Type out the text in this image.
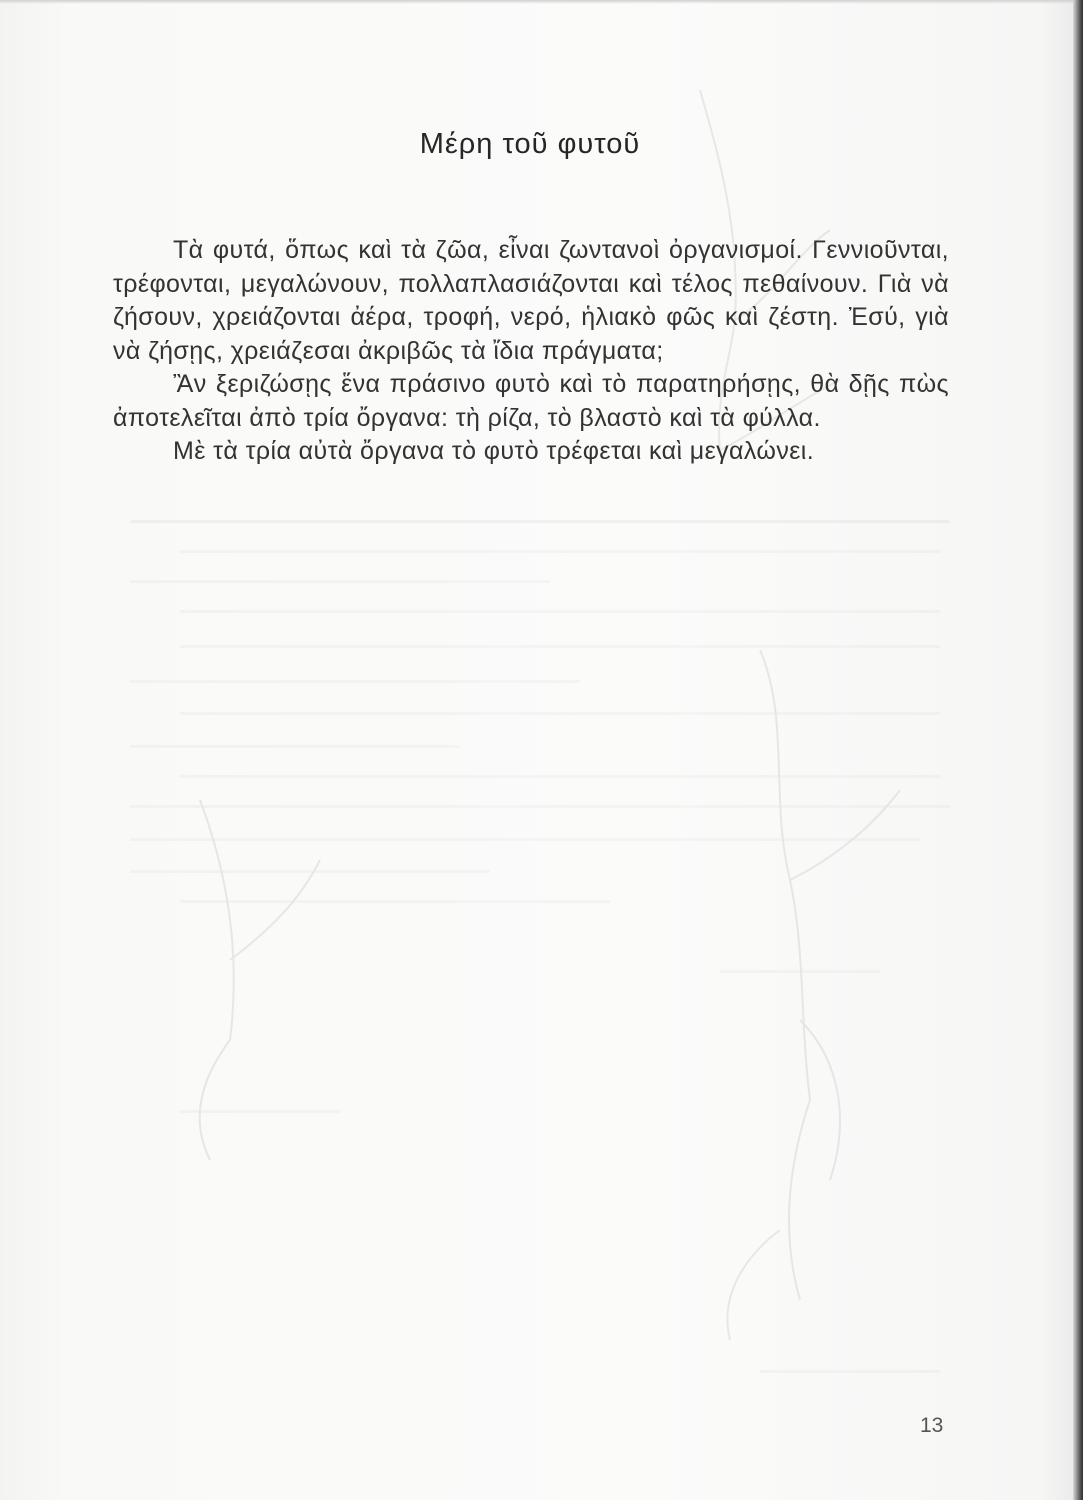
Μέρη τοῦ φυτοῦ

Τὰ φυτά, ὅπως καὶ τὰ ζῶα, εἶναι ζωντανοὶ ὀργανισμοί. Γεννιοῦνται, τρέφονται, μεγαλώνουν, πολλαπλασιάζονται καὶ τέλος πεθαίνουν. Γιὰ νὰ ζήσουν, χρειάζονται ἀέρα, τροφή, νερό, ἡλιακὸ φῶς καὶ ζέστη. Ἐσύ, γιὰ νὰ ζήσῃς, χρειάζεσαι ἀκριβῶς τὰ ἴδια πράγματα;

Ἂν ξεριζώσῃς ἕνα πράσινο φυτὸ καὶ τὸ παρατηρήσῃς, θὰ δῇς πὼς ἀποτελεῖται ἀπὸ τρία ὄργανα: τὴ ρίζα, τὸ βλαστὸ καὶ τὰ φύλλα.

Μὲ τὰ τρία αὐτὰ ὄργανα τὸ φυτὸ τρέφεται καὶ μεγαλώνει.

13
